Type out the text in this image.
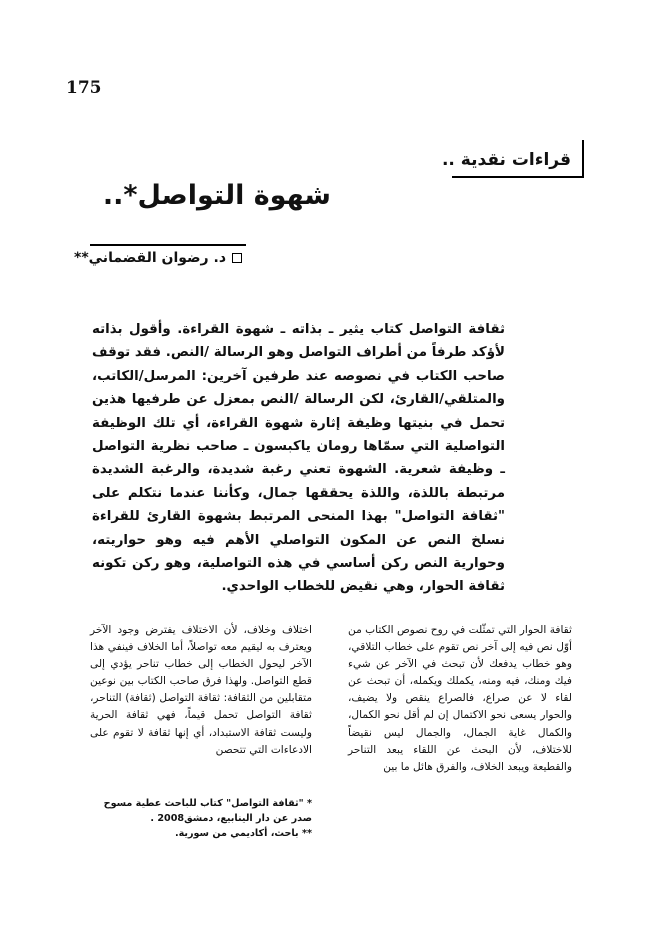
175
قراءات نقدية ..
شهوة التواصل*..
د. رضوان القضماني**

ثقافة التواصل كتاب يثير ـ بذاته ـ شهوة القراءة. وأقول بذاته لأؤكد طرفاً من أطراف التواصل وهو الرسالة /النص. فقد توقف صاحب الكتاب في نصوصه عند طرفين آخرين: المرسل/الكاتب، والمتلقي/القارئ، لكن الرسالة /النص بمعزل عن طرفيها هذين تحمل في بنيتها وظيفة إثارة شهوة القراءة، أي تلك الوظيفة التواصلية التي سمّاها رومان ياكبسون ـ صاحب نظرية التواصل ـ وظيفة شعرية. الشهوة تعني رغبة شديدة، والرغبة الشديدة مرتبطة باللذة، واللذة يحققها جمال، وكأننا عندما نتكلم على "ثقافة التواصل" بهذا المنحى المرتبط بشهوة القارئ للقراءة نسلخ النص عن المكون التواصلي الأهم فيه وهو حواريته، وحوارية النص ركن أساسي في هذه التواصلية، وهو ركن تكونه ثقافة الحوار، وهي نقيض للخطاب الواحدي.

ثقافة الحوار التي تمثّلت في روح نصوص الكتاب من أوّل نص فيه إلى آخر نص تقوم على خطاب التلاقي، وهو خطاب يدفعك لأن تبحث في الآخر عن شيء فيك ومنك، فيه ومنه، يكملك ويكمله، أن تبحث عن لقاء لا عن صراع، فالصراع ينقص ولا يضيف، والحوار يسعى نحو الاكتمال إن لم أقل نحو الكمال، والكمال غاية الجمال، والجمال ليس نقيضاً للاختلاف، لأن البحث عن اللقاء يبعد التناحر والقطيعة ويبعد الخلاف، والفرق هائل ما بين

اختلاف وخلاف، لأن الاختلاف يفترض وجود الآخر ويعترف به ليقيم معه تواصلاً، أما الخلاف فينفي هذا الآخر ليحول الخطاب إلى خطاب تناحر يؤدي إلى قطع التواصل. ولهذا فرق صاحب الكتاب بين نوعين متقابلين من الثقافة: ثقافة التواصل (ثقافة) التناحر، ثقافة التواصل تحمل قيماً، فهي ثقافة الحرية وليست ثقافة الاستبداد، أي إنها ثقافة لا تقوم على الادعاءات التي تتحصن

* "ثقافة التواصل" كتاب للباحث عطية مسوح صدر عن دار الينابيع، دمشق2008 .

** باحث، أكاديمي من سورية.
